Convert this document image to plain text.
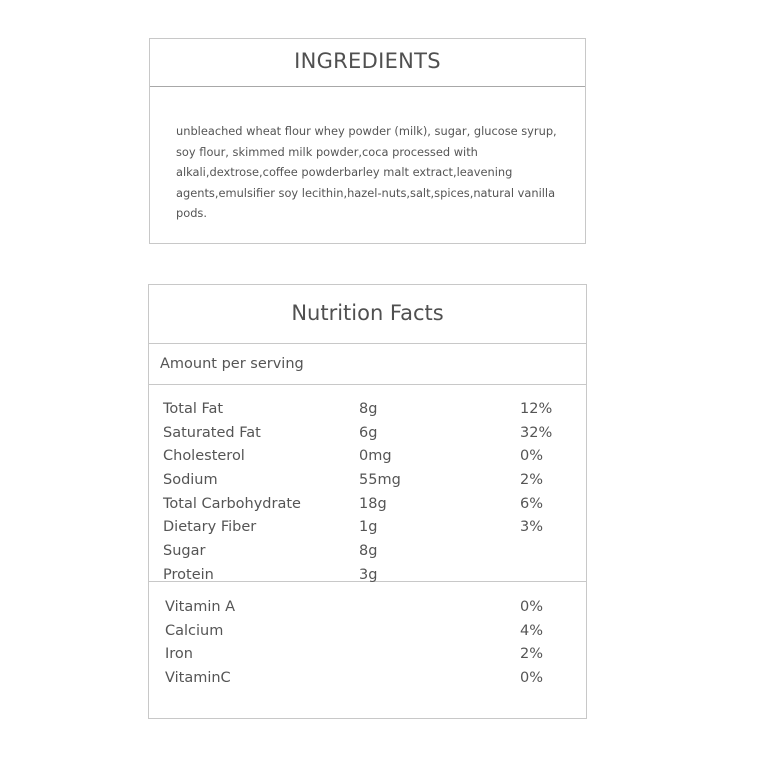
INGREDIENTS
unbleached wheat flour whey powder (milk), sugar, glucose syrup, soy flour, skimmed milk powder,coca processed with alkali,dextrose,coffee powderbarley malt extract,leavening agents,emulsifier soy lecithin,hazel-nuts,salt,spices,natural vanilla pods.
Nutrition Facts
Amount per serving
Total Fat	8g	12%
Saturated Fat	6g	32%
Cholesterol	0mg	0%
Sodium	55mg	2%
Total Carbohydrate	18g	6%
Dietary Fiber	1g	3%
Sugar	8g
Protein	3g
Vitamin A	0%
Calcium	4%
Iron	2%
VitaminC	0%
